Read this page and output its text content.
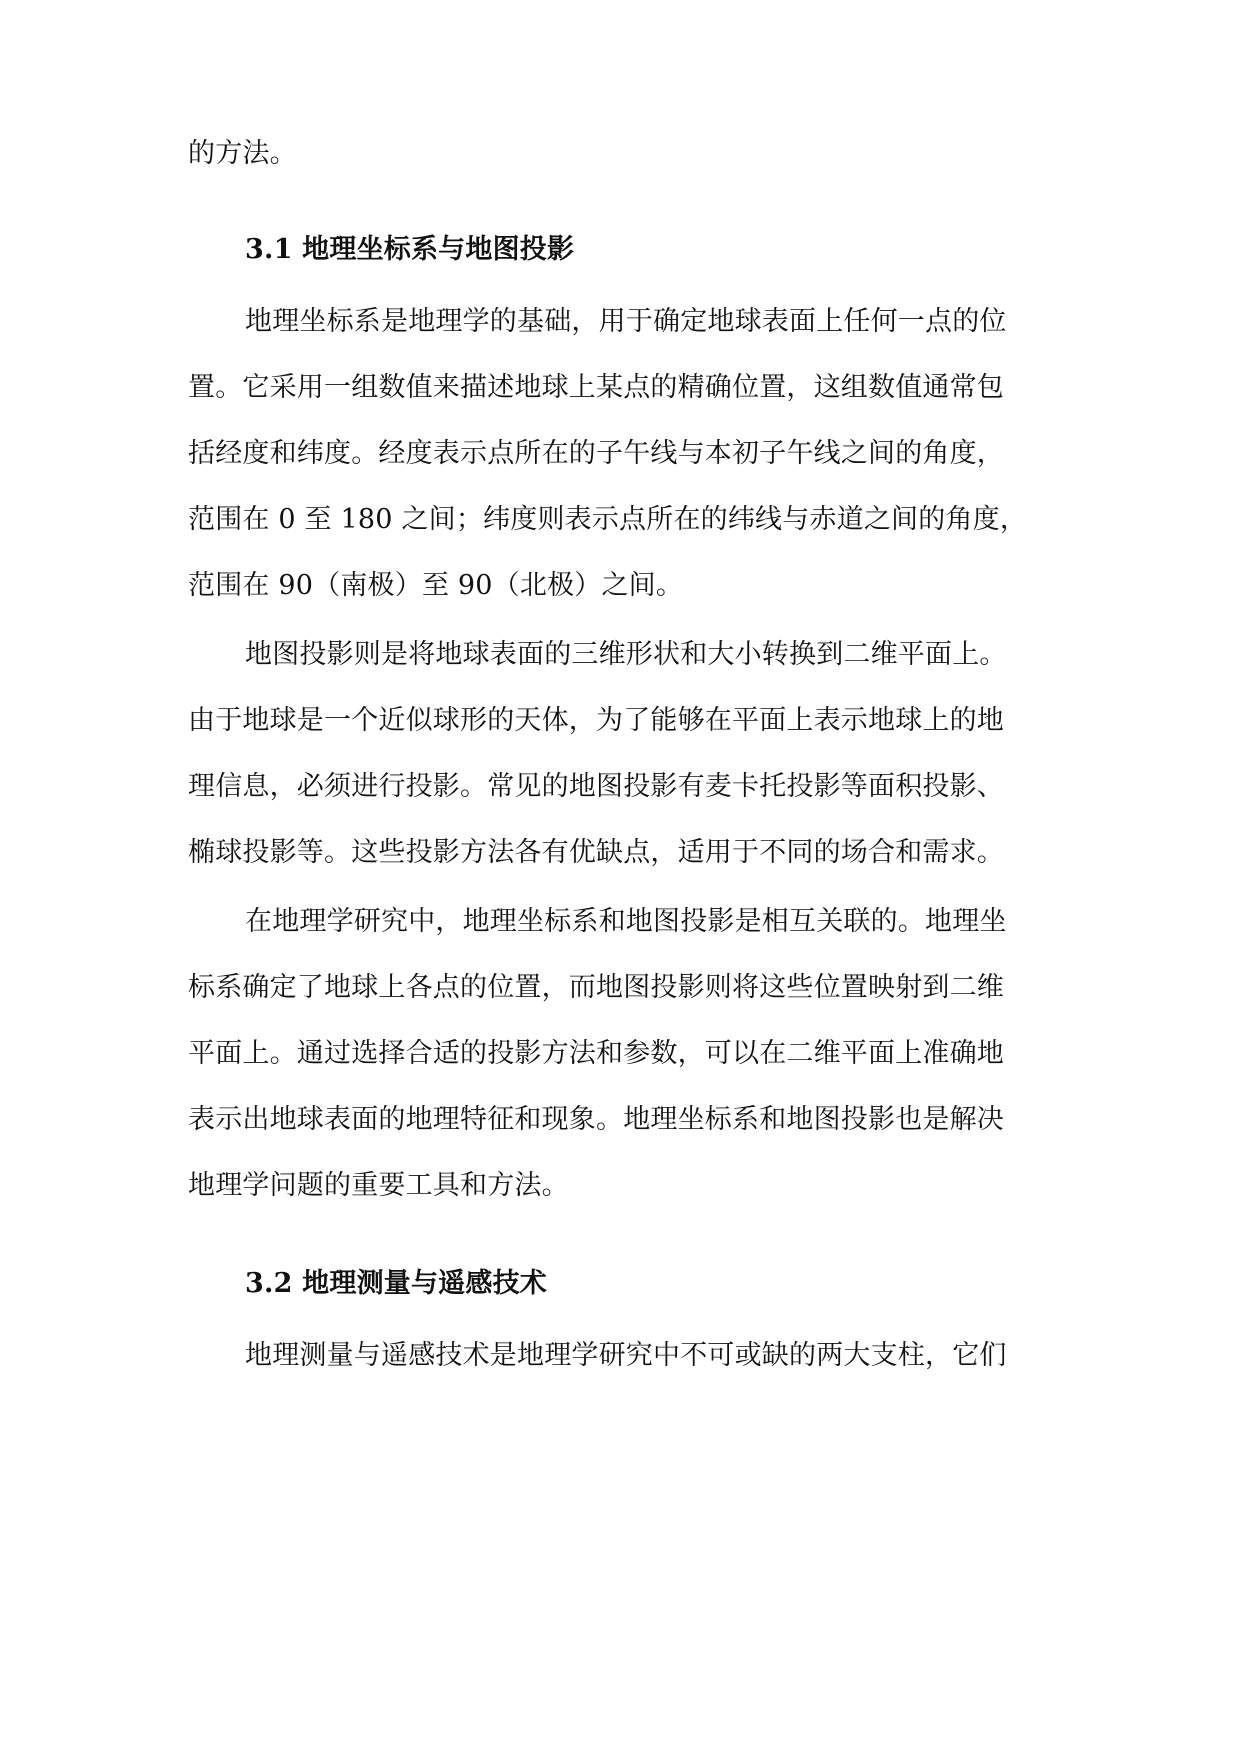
的方法。
3.1 地理坐标系与地图投影
地理坐标系是地理学的基础，用于确定地球表面上任何一点的位
置。它采用一组数值来描述地球上某点的精确位置，这组数值通常包
括经度和纬度。经度表示点所在的子午线与本初子午线之间的角度，
范围在 0 至 180 之间；纬度则表示点所在的纬线与赤道之间的角度，
范围在 90（南极）至 90（北极）之间。
地图投影则是将地球表面的三维形状和大小转换到二维平面上。
由于地球是一个近似球形的天体，为了能够在平面上表示地球上的地
理信息，必须进行投影。常见的地图投影有麦卡托投影等面积投影、
椭球投影等。这些投影方法各有优缺点，适用于不同的场合和需求。
在地理学研究中，地理坐标系和地图投影是相互关联的。地理坐
标系确定了地球上各点的位置，而地图投影则将这些位置映射到二维
平面上。通过选择合适的投影方法和参数，可以在二维平面上准确地
表示出地球表面的地理特征和现象。地理坐标系和地图投影也是解决
地理学问题的重要工具和方法。
3.2 地理测量与遥感技术
地理测量与遥感技术是地理学研究中不可或缺的两大支柱，它们
